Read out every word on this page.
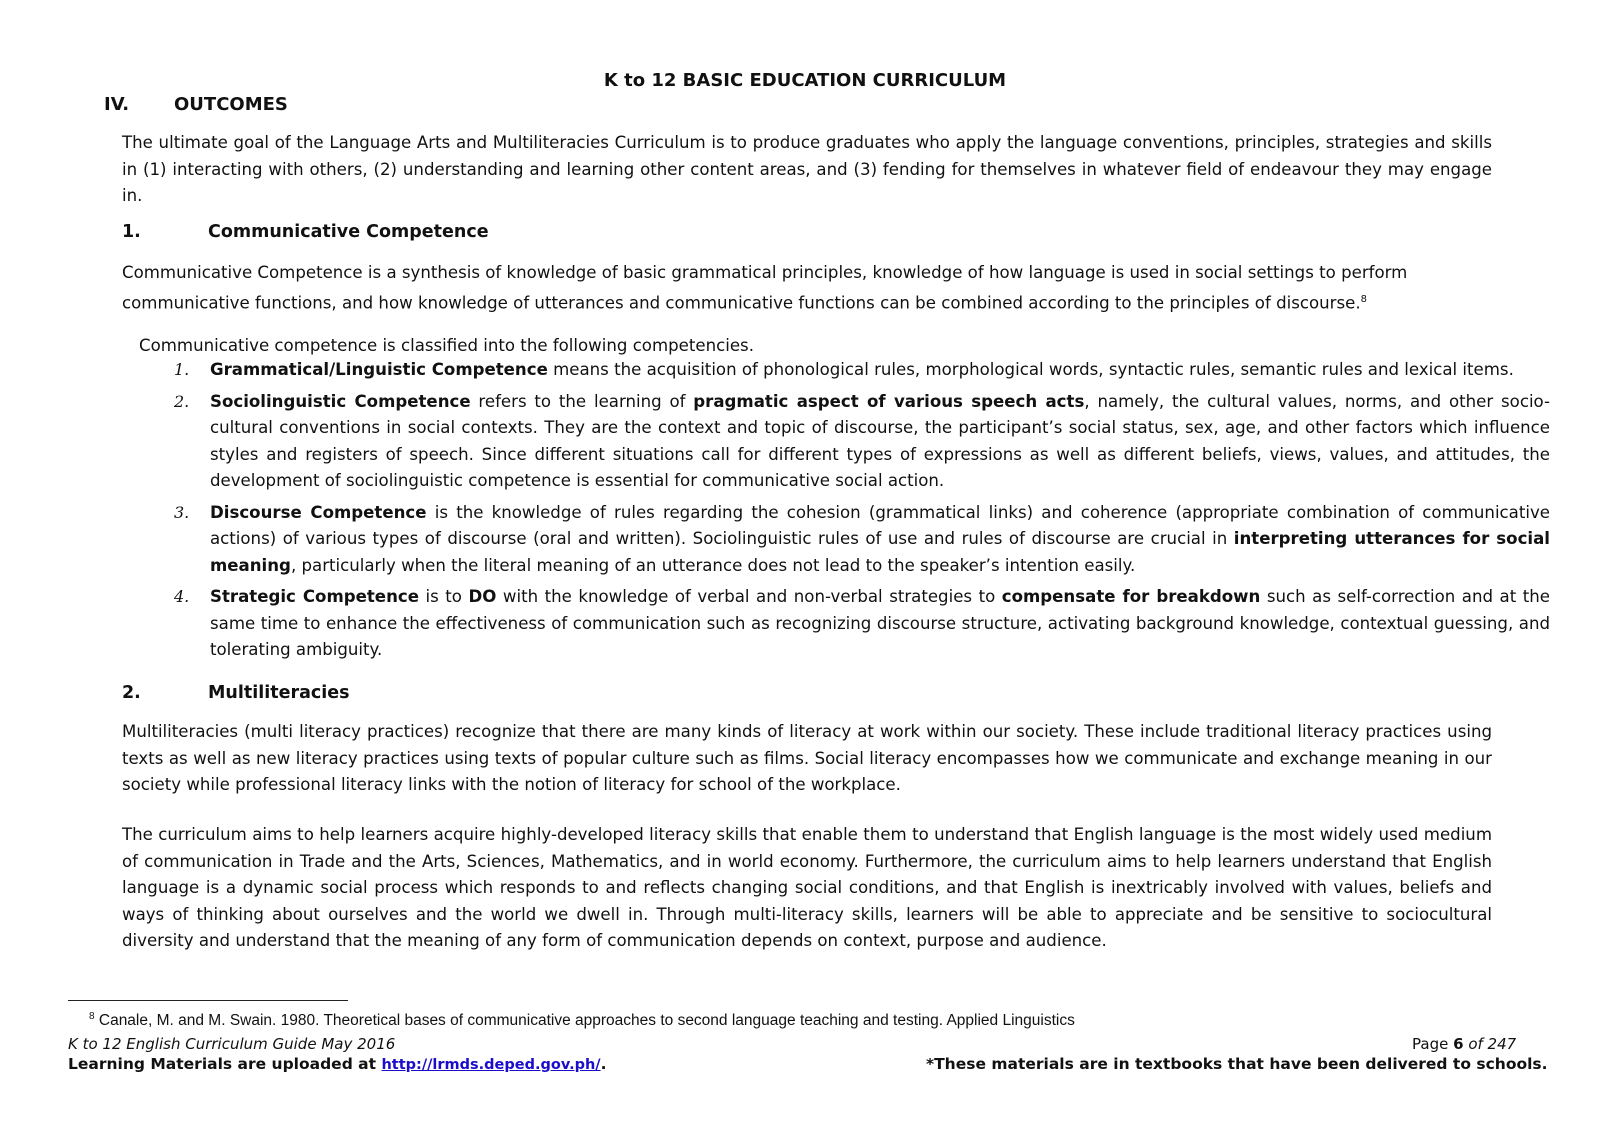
K to 12 BASIC EDUCATION CURRICULUM
IV. OUTCOMES
The ultimate goal of the Language Arts and Multiliteracies Curriculum is to produce graduates who apply the language conventions, principles, strategies and skills in (1) interacting with others, (2) understanding and learning other content areas, and (3) fending for themselves in whatever field of endeavour they may engage in.
1.	Communicative Competence
Communicative Competence is a synthesis of knowledge of basic grammatical principles, knowledge of how language is used in social settings to perform communicative functions, and how knowledge of utterances and communicative functions can be combined according to the principles of discourse.$^8$
Communicative competence is classified into the following competencies.
1. Grammatical/Linguistic Competence means the acquisition of phonological rules, morphological words, syntactic rules, semantic rules and lexical items.
2. Sociolinguistic Competence refers to the learning of pragmatic aspect of various speech acts, namely, the cultural values, norms, and other socio-cultural conventions in social contexts. They are the context and topic of discourse, the participant’s social status, sex, age, and other factors which influence styles and registers of speech. Since different situations call for different types of expressions as well as different beliefs, views, values, and attitudes, the development of sociolinguistic competence is essential for communicative social action.
3. Discourse Competence is the knowledge of rules regarding the cohesion (grammatical links) and coherence (appropriate combination of communicative actions) of various types of discourse (oral and written). Sociolinguistic rules of use and rules of discourse are crucial in interpreting utterances for social meaning, particularly when the literal meaning of an utterance does not lead to the speaker’s intention easily.
4. Strategic Competence is to DO with the knowledge of verbal and non-verbal strategies to compensate for breakdown such as self-correction and at the same time to enhance the effectiveness of communication such as recognizing discourse structure, activating background knowledge, contextual guessing, and tolerating ambiguity.
2.	Multiliteracies
Multiliteracies (multi literacy practices) recognize that there are many kinds of literacy at work within our society. These include traditional literacy practices using texts as well as new literacy practices using texts of popular culture such as films. Social literacy encompasses how we communicate and exchange meaning in our society while professional literacy links with the notion of literacy for school of the workplace.
The curriculum aims to help learners acquire highly-developed literacy skills that enable them to understand that English language is the most widely used medium of communication in Trade and the Arts, Sciences, Mathematics, and in world economy. Furthermore, the curriculum aims to help learners understand that English language is a dynamic social process which responds to and reflects changing social conditions, and that English is inextricably involved with values, beliefs and ways of thinking about ourselves and the world we dwell in. Through multi-literacy skills, learners will be able to appreciate and be sensitive to sociocultural diversity and understand that the meaning of any form of communication depends on context, purpose and audience.
$^8$ Canale, M. and M. Swain. 1980. Theoretical bases of communicative approaches to second language teaching and testing. Applied Linguistics
K to 12 English Curriculum Guide May 2016	Page 6 of 247
Learning Materials are uploaded at http://lrmds.deped.gov.ph/.	*These materials are in textbooks that have been delivered to schools.
